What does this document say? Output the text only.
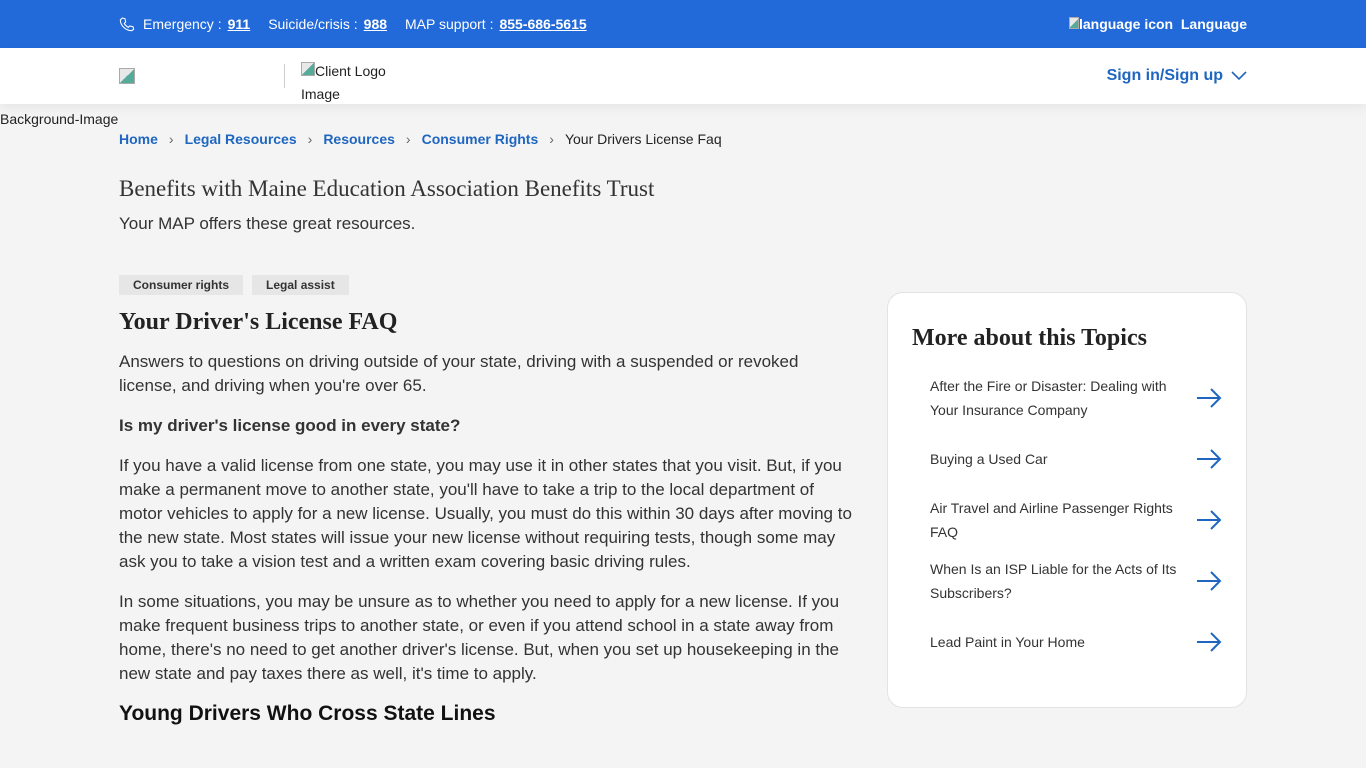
Emergency : 911 Suicide/crisis : 988 MAP support : 855-686-5615	language icon Language
Client Logo Image
Sign in/Sign up
Background-Image
Home › Legal Resources › Resources › Consumer Rights › Your Drivers License Faq
Benefits with Maine Education Association Benefits Trust
Your MAP offers these great resources.
Consumer rights	Legal assist
Your Driver's License FAQ

Answers to questions on driving outside of your state, driving with a suspended or revoked license, and driving when you're over 65.

Is my driver's license good in every state?

If you have a valid license from one state, you may use it in other states that you visit. But, if you make a permanent move to another state, you'll have to take a trip to the local department of motor vehicles to apply for a new license. Usually, you must do this within 30 days after moving to the new state. Most states will issue your new license without requiring tests, though some may ask you to take a vision test and a written exam covering basic driving rules.

In some situations, you may be unsure as to whether you need to apply for a new license. If you make frequent business trips to another state, or even if you attend school in a state away from home, there's no need to get another driver's license. But, when you set up housekeeping in the new state and pay taxes there as well, it's time to apply.

Young Drivers Who Cross State Lines
More about this Topics
After the Fire or Disaster: Dealing with Your Insurance Company
Buying a Used Car
Air Travel and Airline Passenger Rights FAQ
When Is an ISP Liable for the Acts of Its Subscribers?
Lead Paint in Your Home
